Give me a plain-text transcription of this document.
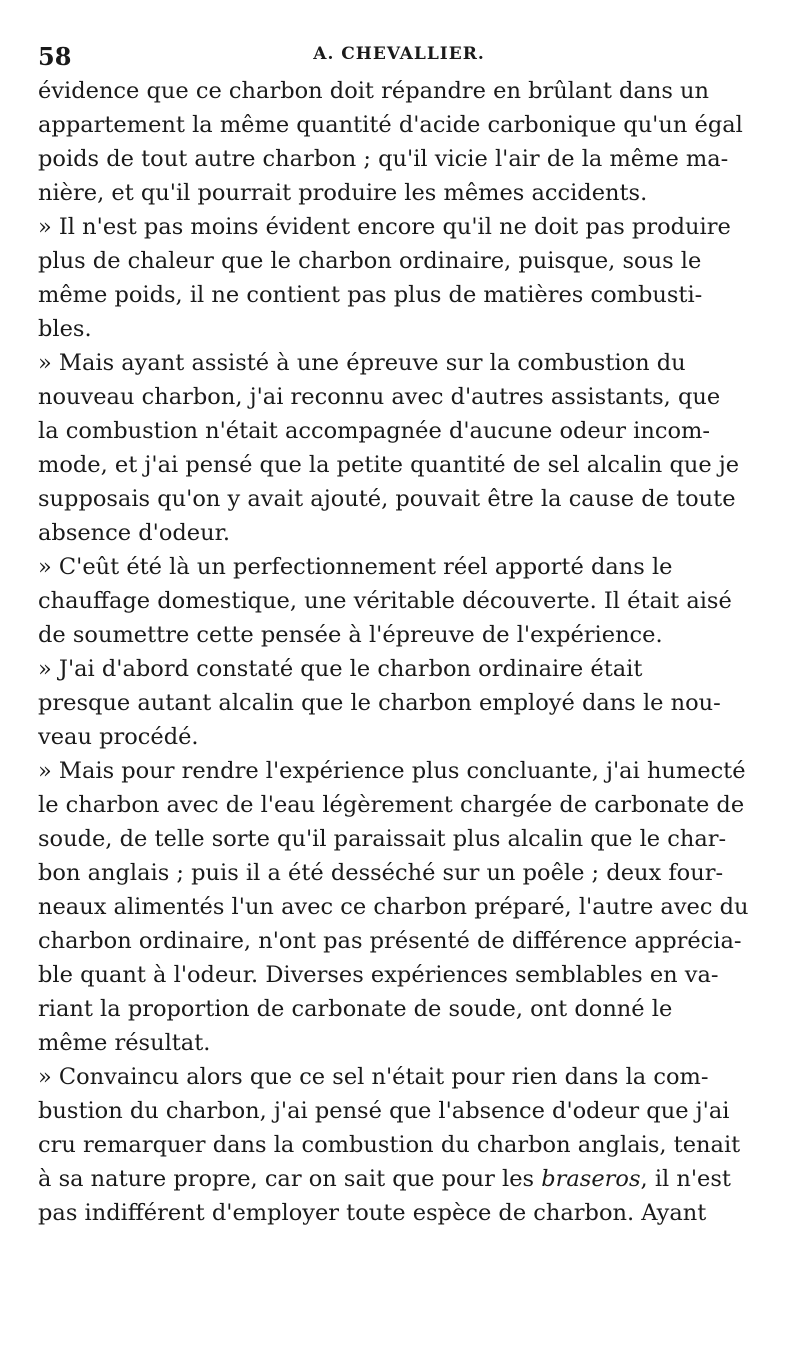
58	A. CHEVALLIER.

évidence que ce charbon doit répandre en brûlant dans un
appartement la même quantité d'acide carbonique qu'un égal
poids de tout autre charbon ; qu'il vicie l'air de la même ma-
nière, et qu'il pourrait produire les mêmes accidents.

» Il n'est pas moins évident encore qu'il ne doit pas produire
plus de chaleur que le charbon ordinaire, puisque, sous le
même poids, il ne contient pas plus de matières combusti-
bles.

» Mais ayant assisté à une épreuve sur la combustion du
nouveau charbon, j'ai reconnu avec d'autres assistants, que
la combustion n'était accompagnée d'aucune odeur incom-
mode, et j'ai pensé que la petite quantité de sel alcalin que je
supposais qu'on y avait ajouté, pouvait être la cause de toute
absence d'odeur.

» C'eût été là un perfectionnement réel apporté dans le
chauffage domestique, une véritable découverte. Il était aisé
de soumettre cette pensée à l'épreuve de l'expérience.

» J'ai d'abord constaté que le charbon ordinaire était
presque autant alcalin que le charbon employé dans le nou-
veau procédé.

» Mais pour rendre l'expérience plus concluante, j'ai humecté
le charbon avec de l'eau légèrement chargée de carbonate de
soude, de telle sorte qu'il paraissait plus alcalin que le char-
bon anglais ; puis il a été desséché sur un poêle ; deux four-
neaux alimentés l'un avec ce charbon préparé, l'autre avec du
charbon ordinaire, n'ont pas présenté de différence apprécia-
ble quant à l'odeur. Diverses expériences semblables en va-
riant la proportion de carbonate de soude, ont donné le
même résultat.

» Convaincu alors que ce sel n'était pour rien dans la com-
bustion du charbon, j'ai pensé que l'absence d'odeur que j'ai
cru remarquer dans la combustion du charbon anglais, tenait
à sa nature propre, car on sait que pour les braseros, il n'est
pas indifférent d'employer toute espèce de charbon. Ayant
